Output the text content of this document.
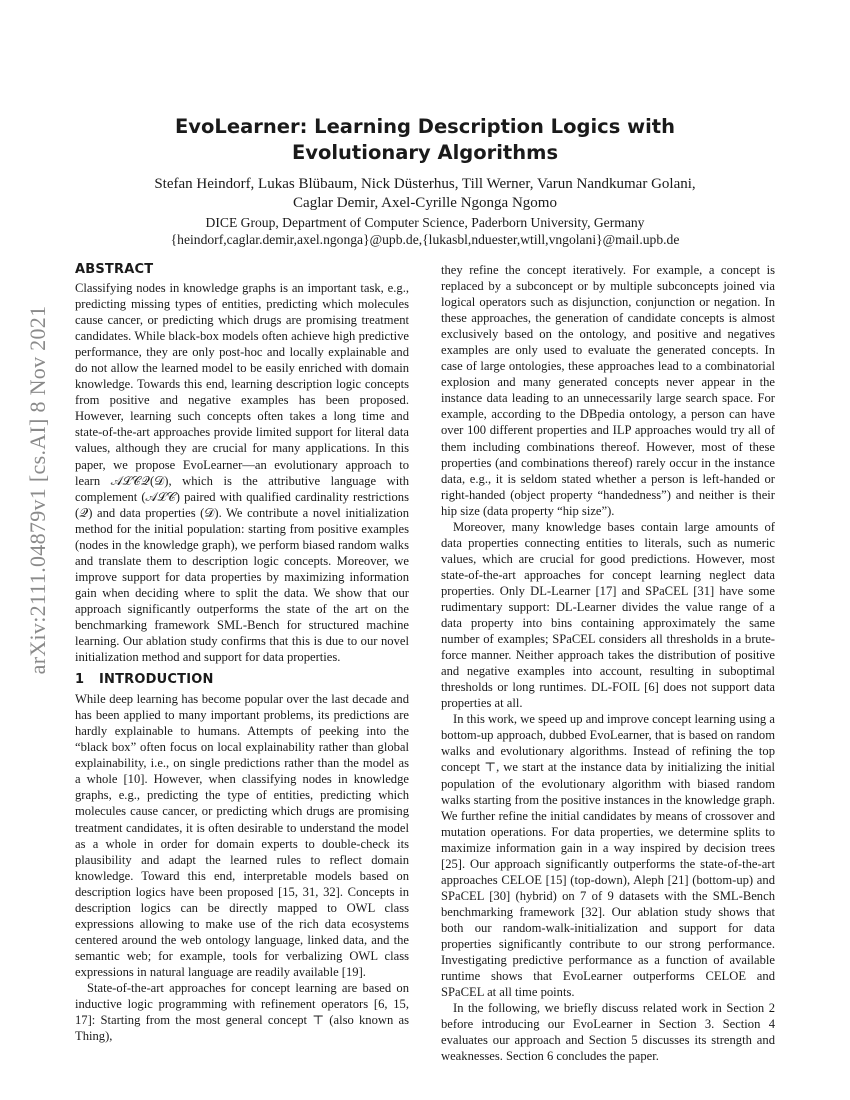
arXiv:2111.04879v1 [cs.AI] 8 Nov 2021
EvoLearner: Learning Description Logics with
Evolutionary Algorithms
Stefan Heindorf, Lukas Blübaum, Nick Düsterhus, Till Werner, Varun Nandkumar Golani,
Caglar Demir, Axel-Cyrille Ngonga Ngomo
DICE Group, Department of Computer Science, Paderborn University, Germany
{heindorf,caglar.demir,axel.ngonga}@upb.de,{lukasbl,nduester,wtill,vngolani}@mail.upb.de
ABSTRACT

Classifying nodes in knowledge graphs is an important task, e.g., predicting missing types of entities, predicting which molecules cause cancer, or predicting which drugs are promising treatment candidates. While black-box models often achieve high predictive performance, they are only post-hoc and locally explainable and do not allow the learned model to be easily enriched with domain knowledge. Towards this end, learning description logic concepts from positive and negative examples has been proposed. However, learning such concepts often takes a long time and state-of-the-art approaches provide limited support for literal data values, although they are crucial for many applications. In this paper, we propose EvoLearner—an evolutionary approach to learn 𝒜ℒ𝒞𝒬(𝒟), which is the attributive language with complement (𝒜ℒ𝒞) paired with qualified cardinality restrictions (𝒬) and data properties (𝒟). We contribute a novel initialization method for the initial population: starting from positive examples (nodes in the knowledge graph), we perform biased random walks and translate them to description logic concepts. Moreover, we improve support for data properties by maximizing information gain when deciding where to split the data. We show that our approach significantly outperforms the state of the art on the benchmarking framework SML-Bench for structured machine learning. Our ablation study confirms that this is due to our novel initialization method and support for data properties.

1 INTRODUCTION

While deep learning has become popular over the last decade and has been applied to many important problems, its predictions are hardly explainable to humans. Attempts of peeking into the “black box” often focus on local explainability rather than global explainability, i.e., on single predictions rather than the model as a whole [10]. However, when classifying nodes in knowledge graphs, e.g., predicting the type of entities, predicting which molecules cause cancer, or predicting which drugs are promising treatment candidates, it is often desirable to understand the model as a whole in order for domain experts to double-check its plausibility and adapt the learned rules to reflect domain knowledge. Toward this end, interpretable models based on description logics have been proposed [15, 31, 32]. Concepts in description logics can be directly mapped to OWL class expressions allowing to make use of the rich data ecosystems centered around the web ontology language, linked data, and the semantic web; for example, tools for verbalizing OWL class expressions in natural language are readily available [19].

State-of-the-art approaches for concept learning are based on inductive logic programming with refinement operators [6, 15, 17]: Starting from the most general concept ⊤ (also known as Thing),

they refine the concept iteratively. For example, a concept is replaced by a subconcept or by multiple subconcepts joined via logical operators such as disjunction, conjunction or negation. In these approaches, the generation of candidate concepts is almost exclusively based on the ontology, and positive and negatives examples are only used to evaluate the generated concepts. In case of large ontologies, these approaches lead to a combinatorial explosion and many generated concepts never appear in the instance data leading to an unnecessarily large search space. For example, according to the DBpedia ontology, a person can have over 100 different properties and ILP approaches would try all of them including combinations thereof. However, most of these properties (and combinations thereof) rarely occur in the instance data, e.g., it is seldom stated whether a person is left-handed or right-handed (object property “handedness”) and neither is their hip size (data property “hip size”).

Moreover, many knowledge bases contain large amounts of data properties connecting entities to literals, such as numeric values, which are crucial for good predictions. However, most state-of-the-art approaches for concept learning neglect data properties. Only DL-Learner [17] and SPaCEL [31] have some rudimentary support: DL-Learner divides the value range of a data property into bins containing approximately the same number of examples; SPaCEL considers all thresholds in a brute-force manner. Neither approach takes the distribution of positive and negative examples into account, resulting in suboptimal thresholds or long runtimes. DL-FOIL [6] does not support data properties at all.

In this work, we speed up and improve concept learning using a bottom-up approach, dubbed EvoLearner, that is based on random walks and evolutionary algorithms. Instead of refining the top concept ⊤, we start at the instance data by initializing the initial population of the evolutionary algorithm with biased random walks starting from the positive instances in the knowledge graph. We further refine the initial candidates by means of crossover and mutation operations. For data properties, we determine splits to maximize information gain in a way inspired by decision trees [25]. Our approach significantly outperforms the state-of-the-art approaches CELOE [15] (top-down), Aleph [21] (bottom-up) and SPaCEL [30] (hybrid) on 7 of 9 datasets with the SML-Bench benchmarking framework [32]. Our ablation study shows that both our random-walk-initialization and support for data properties significantly contribute to our strong performance. Investigating predictive performance as a function of available runtime shows that EvoLearner outperforms CELOE and SPaCEL at all time points.

In the following, we briefly discuss related work in Section 2 before introducing our EvoLearner in Section 3. Section 4 evaluates our approach and Section 5 discusses its strength and weaknesses. Section 6 concludes the paper.
